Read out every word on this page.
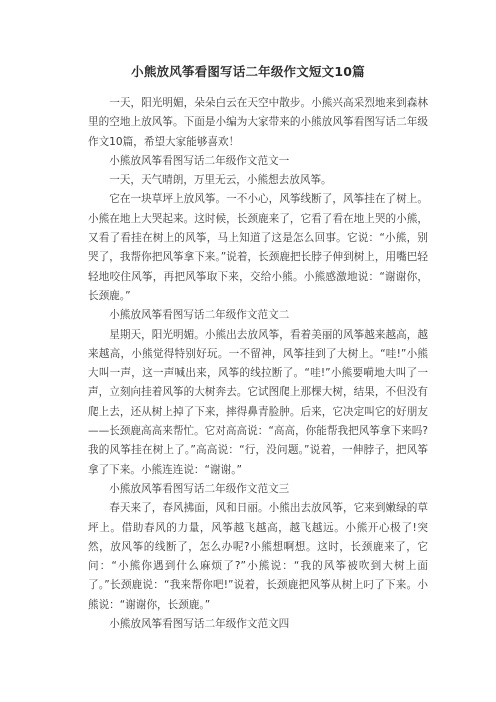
小熊放风筝看图写话二年级作文短文10篇

一天，阳光明媚，朵朵白云在天空中散步。小熊兴高采烈地来到森林里的空地上放风筝。下面是小编为大家带来的小熊放风筝看图写话二年级作文10篇，希望大家能够喜欢！

小熊放风筝看图写话二年级作文范文一

一天，天气晴朗，万里无云，小熊想去放风筝。

它在一块草坪上放风筝。一不小心，风筝线断了，风筝挂在了树上。小熊在地上大哭起来。这时候，长颈鹿来了，它看了看在地上哭的小熊，又看了看挂在树上的风筝，马上知道了这是怎么回事。它说：“小熊，别哭了，我帮你把风筝拿下来。”说着，长颈鹿把长脖子伸到树上，用嘴巴轻轻地咬住风筝，再把风筝取下来，交给小熊。小熊感激地说：“谢谢你，长颈鹿。”

小熊放风筝看图写话二年级作文范文二

星期天，阳光明媚。小熊出去放风筝，看着美丽的风筝越来越高，越来越高，小熊觉得特别好玩。一不留神，风筝挂到了大树上。“哇!”小熊大叫一声，这一声喊出来，风筝的线拉断了。“哇!”小熊要嗬地大叫了一声，立刻向挂着风筝的大树奔去。它试图爬上那棵大树，结果，不但没有爬上去，还从树上掉了下来，摔得鼻青脸肿。后来，它决定叫它的好朋友——长颈鹿高高来帮忙。它对高高说：“高高，你能帮我把风筝拿下来吗?我的风筝挂在树上了。”高高说：“行，没问题。”说着，一伸脖子，把风筝拿了下来。小熊连连说：“谢谢。”

小熊放风筝看图写话二年级作文范文三

春天来了，春风拂面，风和日丽。小熊出去放风筝，它来到嫩绿的草坪上。借助春风的力量，风筝越飞越高，越飞越远。小熊开心极了!突然，放风筝的线断了，怎么办呢?小熊想啊想。这时，长颈鹿来了，它问：“小熊你遇到什么麻烦了?”小熊说：“我的风筝被吹到大树上面了。”长颈鹿说：“我来帮你吧!”说着，长颈鹿把风筝从树上叼了下来。小熊说：“谢谢你，长颈鹿。”

小熊放风筝看图写话二年级作文范文四
